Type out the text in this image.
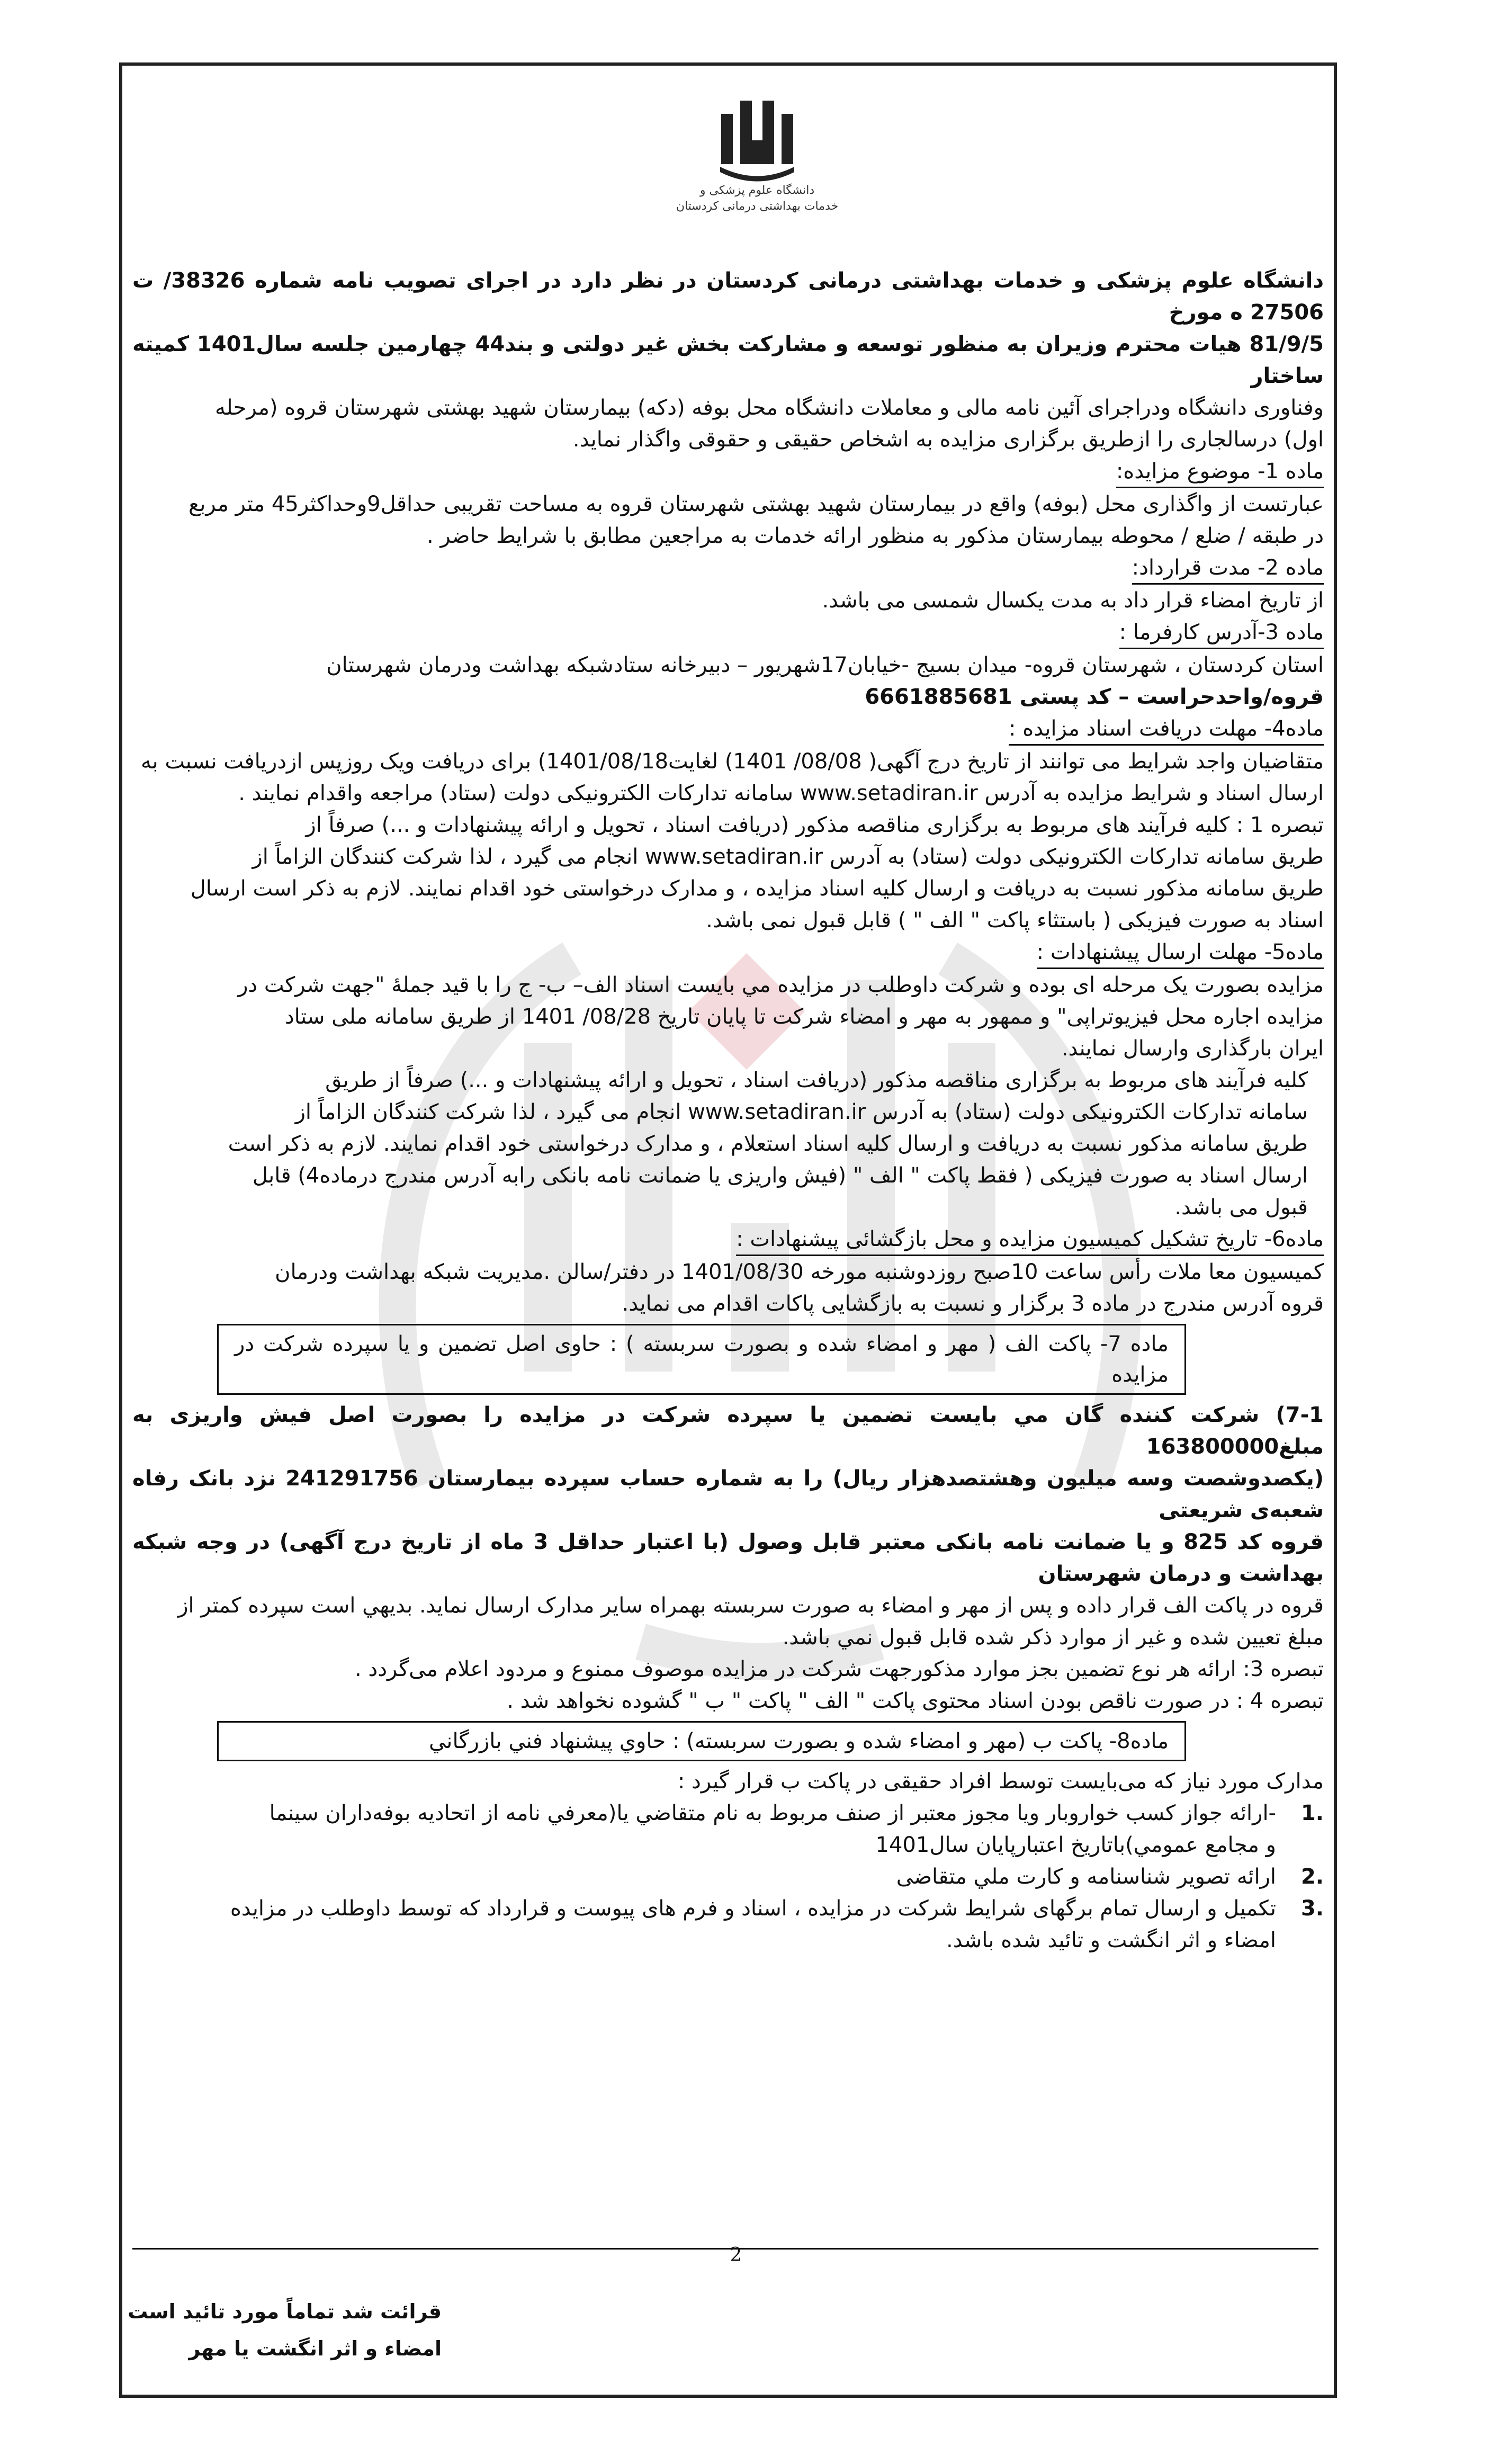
دانشگاه علوم پزشکی و
خدمات بهداشتی درمانی کردستان

دانشگاه علوم پزشکی و خدمات بهداشتی درمانی کردستان در نظر دارد در اجرای تصویب نامه شماره 38326/ ت 27506 ه مورخ

81/9/5 هیات محترم وزیران به منظور توسعه و مشارکت بخش غیر دولتی و بند44 چهارمین جلسه سال1401 کمیته ساختار

وفناوری دانشگاه ودراجرای آئین نامه مالی و معاملات دانشگاه محل بوفه (دکه) بیمارستان شهید بهشتی شهرستان قروه (مرحله

اول) درسالجاری را ازطریق برگزاری مزایده به اشخاص حقیقی و حقوقی واگذار نماید.

ماده 1- موضوع مزایده:

عبارتست از واگذاری محل (بوفه) واقع در بیمارستان شهید بهشتی شهرستان قروه به مساحت تقریبی حداقل9وحداکثر45 متر مربع

در طبقه / ضلع / محوطه بیمارستان مذکور به منظور ارائه خدمات به مراجعین مطابق با شرایط حاضر .

ماده 2- مدت قرارداد:

از تاریخ امضاء قرار داد به مدت یکسال شمسی می باشد.

ماده 3-آدرس کارفرما :

استان کردستان ، شهرستان قروه- میدان بسیج -خیابان17شهریور – دبیرخانه ستادشبکه بهداشت ودرمان شهرستان

قروه/واحدحراست – کد پستی 6661885681

ماده4- مهلت دریافت اسناد مزایده :

متقاضیان واجد شرایط می توانند از تاریخ درج آگهی( 08/08/ 1401) لغایت1401/08/18) برای دریافت ویک روزپس ازدریافت نسبت به

ارسال اسناد و شرایط مزایده به آدرس www.setadiran.ir سامانه تدارکات الکترونیکی دولت (ستاد) مراجعه واقدام نمایند .

تبصره 1 : کلیه فرآیند های مربوط به برگزاری مناقصه مذکور (دریافت اسناد ، تحویل و ارائه پیشنهادات و ...) صرفاً از

طریق سامانه تدارکات الکترونیکی دولت (ستاد) به آدرس www.setadiran.ir انجام می گیرد ، لذا شرکت کنندگان الزاماً از

طریق سامانه مذکور نسبت به دریافت و ارسال کلیه اسناد مزایده ، و مدارک درخواستی خود اقدام نمایند. لازم به ذکر است ارسال

اسناد به صورت فیزیکی ( باستثاء پاکت " الف " ) قابل قبول نمی باشد.

ماده5- مهلت ارسال پیشنهادات :

مزایده بصورت یک مرحله ای بوده و شرکت داوطلب در مزایده مي بايست اسناد الف– ب- ج را با قید جملهٔ "جهت شرکت در

مزایده اجاره محل فیزیوتراپی" و ممهور به مهر و امضاء شرکت تا پایان تاریخ 08/28/ 1401 از طریق سامانه ملی ستاد

ایران بارگذاری وارسال نمایند.

کلیه فرآیند های مربوط به برگزاری مناقصه مذکور (دریافت اسناد ، تحویل و ارائه پیشنهادات و ...) صرفاً از طریق

سامانه تدارکات الکترونیکی دولت (ستاد) به آدرس www.setadiran.ir انجام می گیرد ، لذا شرکت کنندگان الزاماً از

طریق سامانه مذکور نسبت به دریافت و ارسال کلیه اسناد استعلام ، و مدارک درخواستی خود اقدام نمایند. لازم به ذکر است

ارسال اسناد به صورت فیزیکی ( فقط پاکت " الف " (فیش واریزی یا ضمانت نامه بانکی رابه آدرس مندرج درماده4) قابل

قبول می باشد.

ماده6- تاریخ تشکیل کمیسیون مزایده و محل بازگشائی پیشنهادات :

کمیسیون معا ملات رأس ساعت 10صبح روزدوشنبه مورخه 1401/08/30 در دفتر/سالن .مدیریت شبکه بهداشت ودرمان

قروه آدرس مندرج در ماده 3 برگزار و نسبت به بازگشایی پاکات اقدام می نماید.

ماده 7- پاکت الف ( مهر و امضاء شده و بصورت سربسته ) : حاوی اصل تضمین و یا سپرده شرکت در مزایده

7-1) شرکت کننده گان مي بايست تضمين يا سپرده شرکت در مزايده را بصورت اصل فیش واریزی به مبلغ163800000

(یکصدوشصت وسه میلیون وهشتصدهزار ریال) را به شماره حساب سپرده بیمارستان 241291756 نزد بانک رفاه شعبه‌ی شریعتی

قروه کد 825 و یا ضمانت نامه بانکی معتبر قابل وصول (با اعتبار حداقل 3 ماه از تاریخ درج آگهی) در وجه شبکه بهداشت و درمان شهرستان

قروه در پاکت الف قرار داده و پس از مهر و امضاء به صورت سربسته بهمراه ساير مدارک ارسال نمايد. بديهي است سپرده کمتر از

مبلغ تعيين شده و غير از موارد ذکر شده قابل قبول نمي باشد.

تبصره 3: ارائه هر نوع تضمین بجز موارد مذکورجهت شرکت در مزایده موصوف ممنوع و مردود اعلام می‌گردد .

تبصره 4 : در صورت ناقص بودن اسناد محتوی پاکت " الف " پاکت " ب " گشوده نخواهد شد .

ماده8- پاکت ب (مهر و امضاء شده و بصورت سربسته) : حاوي پيشنهاد فني بازرگاني

مدارک مورد نیاز که می‌بایست توسط افراد حقیقی در پاکت ب قرار گیرد :

.1

-ارائه جواز کسب خواروبار ويا مجوز معتبر از صنف مربوط به نام متقاضي يا(معرفي نامه از اتحاديه بوفه‌داران سينما

و مجامع عمومي)باتاريخ اعتبارپایان سال1401

.2

ارائه تصویر شناسنامه و کارت ملي متقاضی

.3

تکمیل و ارسال تمام برگهای شرایط شرکت در مزایده ، اسناد و فرم های پیوست و قرارداد که توسط داوطلب در مزایده

امضاء و اثر انگشت و تائید شده باشد.

2
قرائت شد تماماً مورد تائید است
امضاء و اثر انگشت یا مهر
